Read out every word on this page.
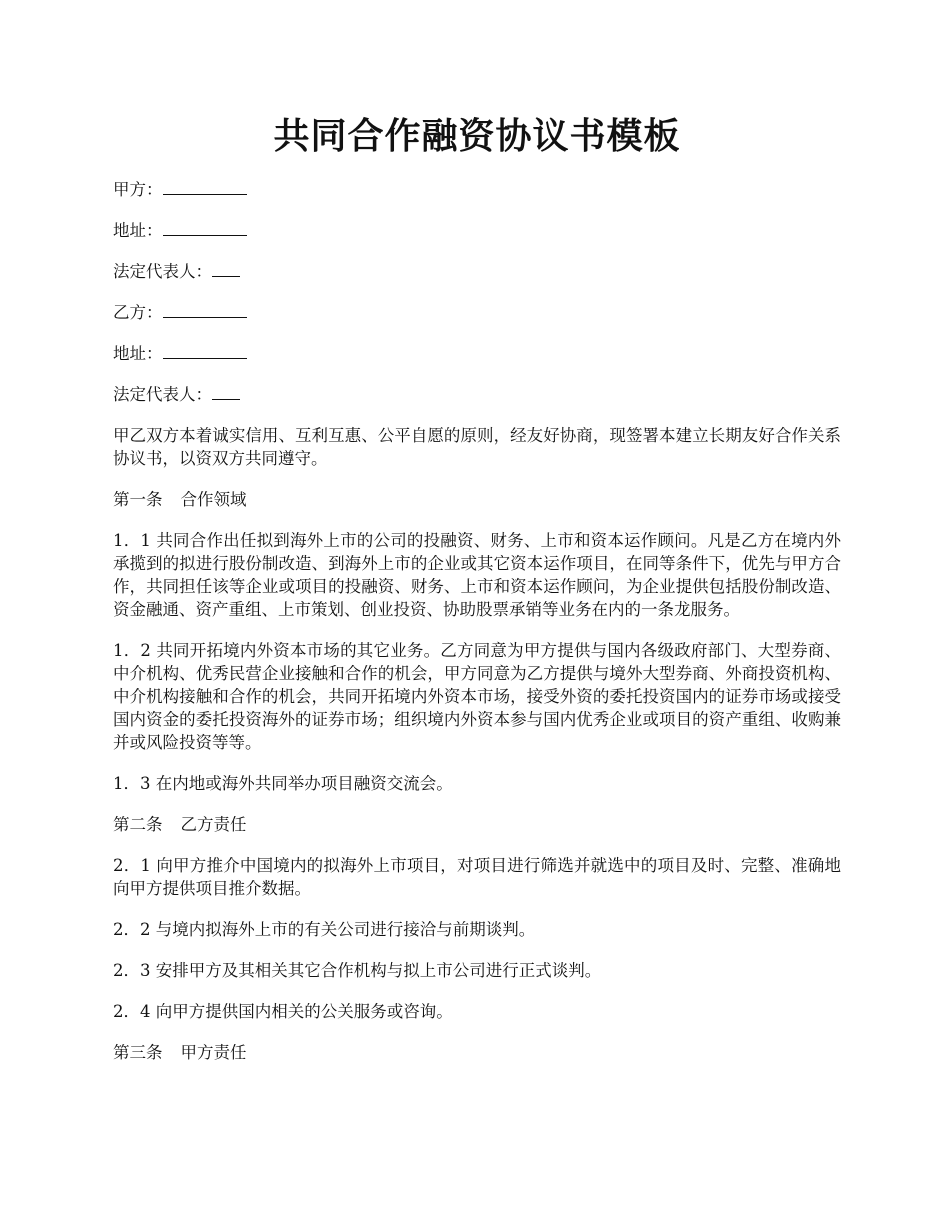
共同合作融资协议书模板

甲方：

地址：

法定代表人：

乙方：

地址：

法定代表人：

甲乙双方本着诚实信用、互利互惠、公平自愿的原则，经友好协商，现签署本建立长期友好合作关系协议书，以资双方共同遵守。

第一条 合作领域

1．1 共同合作出任拟到海外上市的公司的投融资、财务、上市和资本运作顾问。凡是乙方在境内外承揽到的拟进行股份制改造、到海外上市的企业或其它资本运作项目，在同等条件下，优先与甲方合作，共同担任该等企业或项目的投融资、财务、上市和资本运作顾问，为企业提供包括股份制改造、资金融通、资产重组、上市策划、创业投资、协助股票承销等业务在内的一条龙服务。

1．2 共同开拓境内外资本市场的其它业务。乙方同意为甲方提供与国内各级政府部门、大型券商、中介机构、优秀民营企业接触和合作的机会，甲方同意为乙方提供与境外大型券商、外商投资机构、中介机构接触和合作的机会，共同开拓境内外资本市场，接受外资的委托投资国内的证券市场或接受国内资金的委托投资海外的证券市场；组织境内外资本参与国内优秀企业或项目的资产重组、收购兼并或风险投资等等。

1．3 在内地或海外共同举办项目融资交流会。

第二条 乙方责任

2．1 向甲方推介中国境内的拟海外上市项目，对项目进行筛选并就选中的项目及时、完整、准确地向甲方提供项目推介数据。

2．2 与境内拟海外上市的有关公司进行接洽与前期谈判。

2．3 安排甲方及其相关其它合作机构与拟上市公司进行正式谈判。

2．4 向甲方提供国内相关的公关服务或咨询。

第三条 甲方责任
